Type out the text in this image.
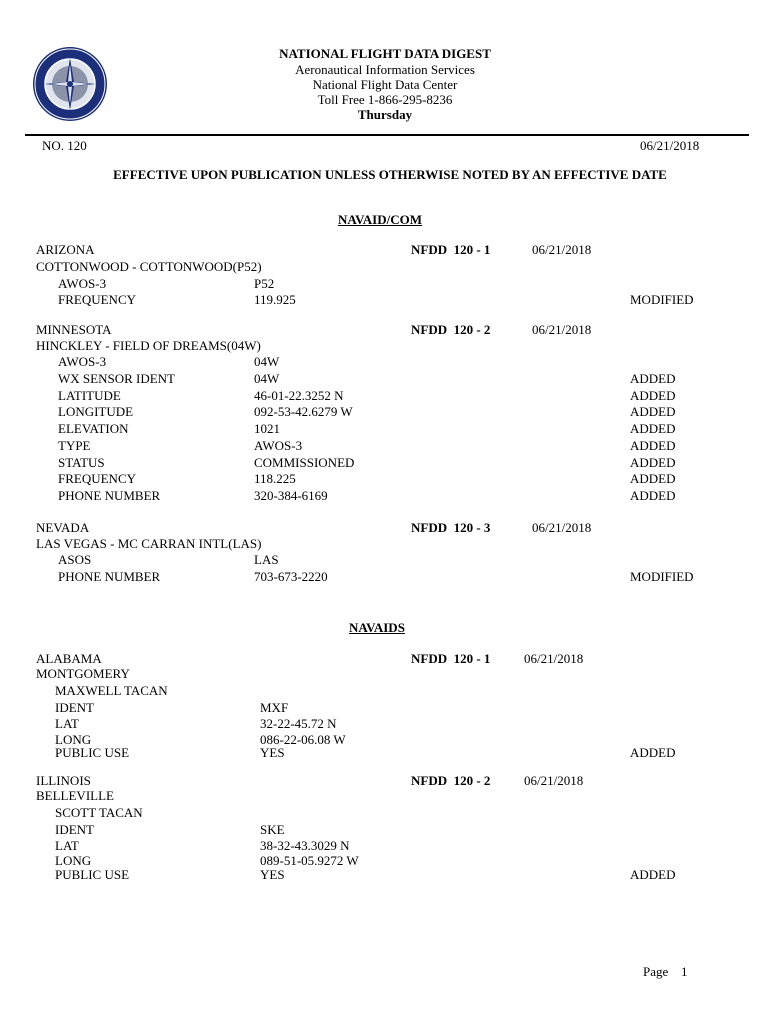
NATIONAL FLIGHT DATA DIGEST
Aeronautical Information Services
National Flight Data Center
Toll Free 1-866-295-8236
Thursday
NO. 120	06/21/2018
EFFECTIVE UPON PUBLICATION UNLESS OTHERWISE NOTED BY AN EFFECTIVE DATE
NAVAID/COM
ARIZONA	NFDD  120 - 1	06/21/2018
COTTONWOOD - COTTONWOOD(P52)
AWOS-3	P52
FREQUENCY	119.925	MODIFIED
MINNESOTA	NFDD  120 - 2	06/21/2018
HINCKLEY - FIELD OF DREAMS(04W)
AWOS-3	04W
WX SENSOR IDENT	04W	ADDED
LATITUDE	46-01-22.3252 N	ADDED
LONGITUDE	092-53-42.6279 W	ADDED
ELEVATION	1021	ADDED
TYPE	AWOS-3	ADDED
STATUS	COMMISSIONED	ADDED
FREQUENCY	118.225	ADDED
PHONE NUMBER	320-384-6169	ADDED
NEVADA	NFDD  120 - 3	06/21/2018
LAS VEGAS - MC CARRAN INTL(LAS)
ASOS	LAS
PHONE NUMBER	703-673-2220	MODIFIED
NAVAIDS
ALABAMA	NFDD  120 - 1	06/21/2018
MONTGOMERY
MAXWELL TACAN
IDENT	MXF
LAT	32-22-45.72 N
LONG	086-22-06.08 W
PUBLIC USE	YES	ADDED
ILLINOIS	NFDD  120 - 2	06/21/2018
BELLEVILLE
SCOTT TACAN
IDENT	SKE
LAT	38-32-43.3029 N
LONG	089-51-05.9272 W
PUBLIC USE	YES	ADDED
Page 1
